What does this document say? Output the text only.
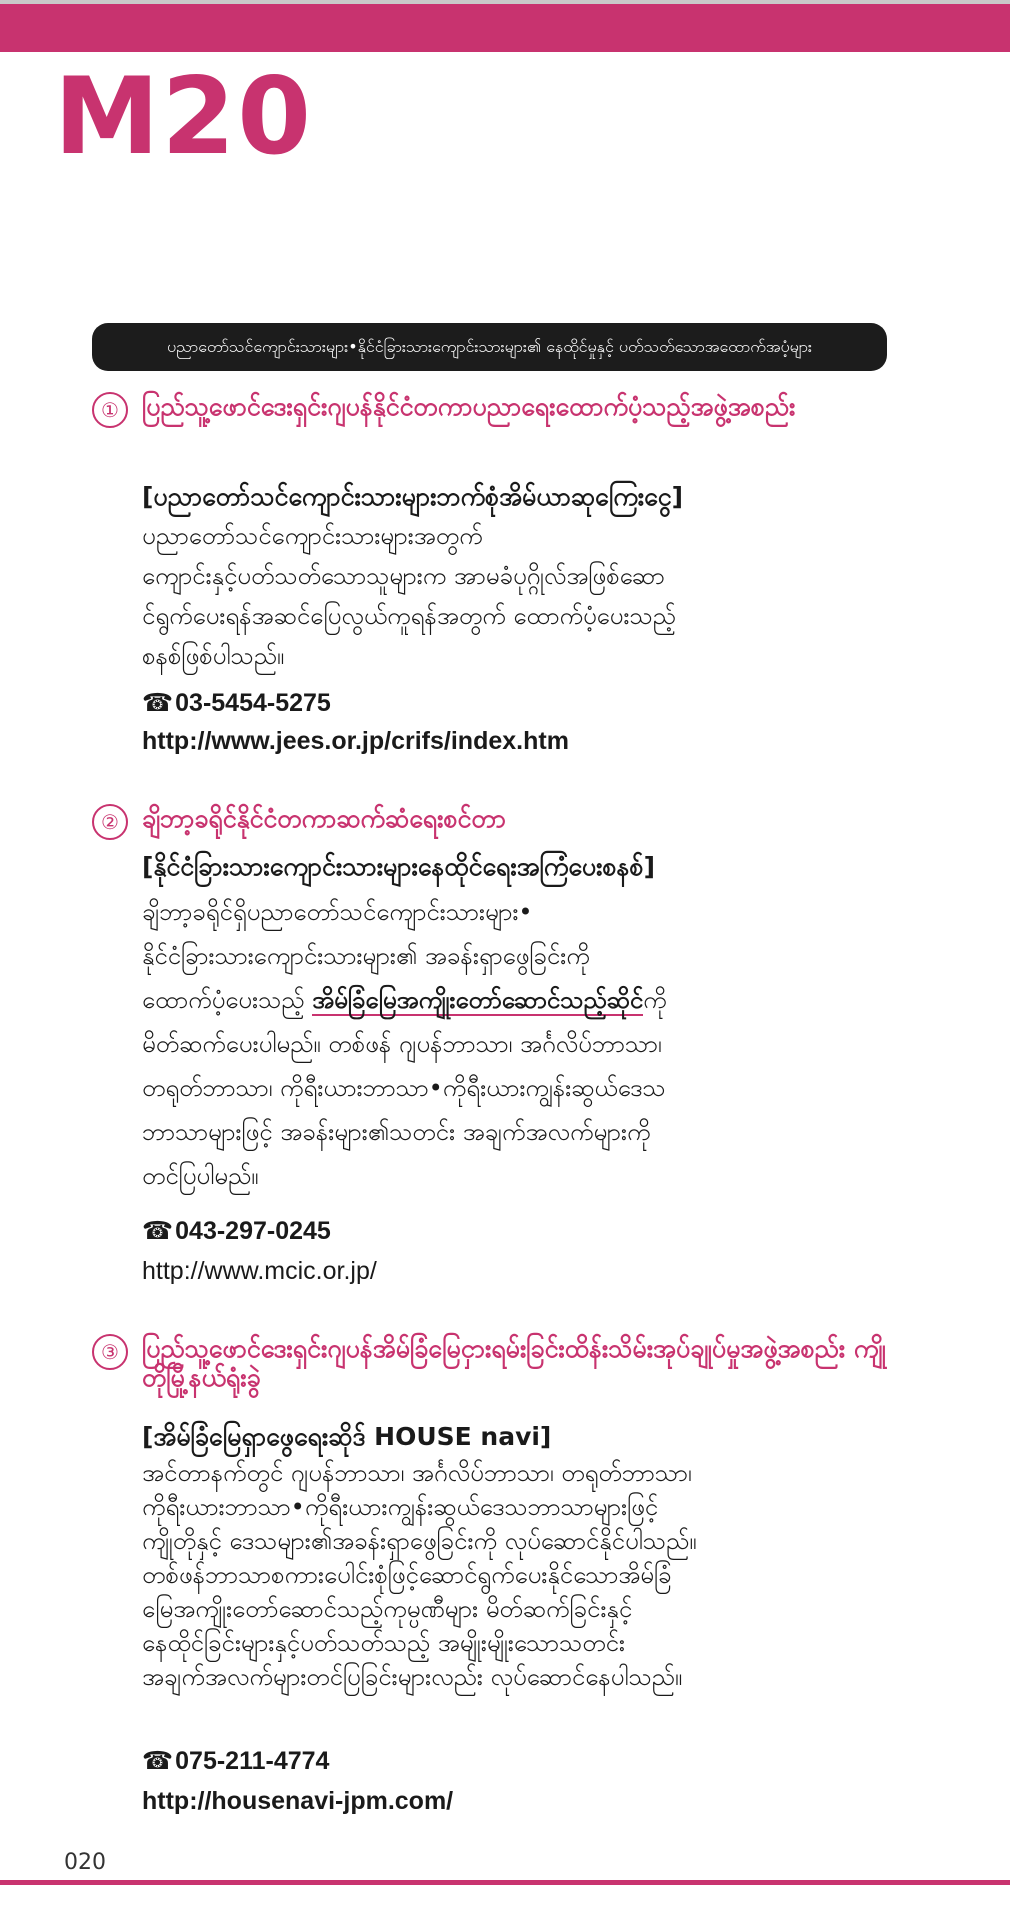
M20
ပညာတော်သင်ကျောင်းသားများ•နိုင်ငံခြားသားကျောင်းသားများ၏ နေထိုင်မှုနှင့် ပတ်သတ်သောအထောက်အပံ့များ
① ပြည်သူ့ဖောင်ဒေးရှင်းဂျပန်နိုင်ငံတကာပညာရေးထောက်ပံ့သည့်အဖွဲ့အစည်း
[ပညာတော်သင်ကျောင်းသားများဘက်စုံအိမ်ယာဆုကြေးငွေ]
ပညာတော်သင်ကျောင်းသားများအတွက်
ကျောင်းနှင့်ပတ်သတ်သောသူများက အာမခံပုဂ္ဂိုလ်အဖြစ်ဆော
င်ရွက်ပေးရန်အဆင်ပြေလွယ်ကူရန်အတွက် ထောက်ပံ့ပေးသည့်
စနစ်ဖြစ်ပါသည်။
☎03-5454-5275
http://www.jees.or.jp/crifs/index.htm
② ချိဘာ့ခရိုင်နိုင်ငံတကာဆက်ဆံရေးစင်တာ
[နိုင်ငံခြားသားကျောင်းသားများနေထိုင်ရေးအကြံပေးစနစ်]
ချိဘာ့ခရိုင်ရှိပညာတော်သင်ကျောင်းသားများ•
နိုင်ငံခြားသားကျောင်းသားများ၏ အခန်းရှာဖွေခြင်းကို
ထောက်ပံ့ပေးသည့် အိမ်ခြံမြေအကျိုးတော်ဆောင်သည့်ဆိုင်ကို
မိတ်ဆက်ပေးပါမည်။ တစ်ဖန် ဂျပန်ဘာသာ၊ အင်္ဂလိပ်ဘာသာ၊
တရုတ်ဘာသာ၊ ကိုရီးယားဘာသာ•ကိုရီးယားကျွန်းဆွယ်ဒေသ
ဘာသာများဖြင့် အခန်းများ၏သတင်း အချက်အလက်များကို
တင်ပြပါမည်။
☎043-297-0245
http://www.mcic.or.jp/
③ ပြည်သူ့ဖောင်ဒေးရှင်းဂျပန်အိမ်ခြံမြေငှားရမ်းခြင်းထိန်းသိမ်းအုပ်ချုပ်မှုအဖွဲ့အစည်း ကျိုတိုမြို့နယ်ရုံးခွဲ
[အိမ်ခြံမြေရှာဖွေရေးဆိုဒ် HOUSE navi]
အင်တာနက်တွင် ဂျပန်ဘာသာ၊ အင်္ဂလိပ်ဘာသာ၊ တရုတ်ဘာသာ၊
ကိုရီးယားဘာသာ•ကိုရီးယားကျွန်းဆွယ်ဒေသဘာသာများဖြင့်
ကျိုတိုနှင့် ဒေသများ၏အခန်းရှာဖွေခြင်းကို လုပ်ဆောင်နိုင်ပါသည်။
တစ်ဖန်ဘာသာစကားပေါင်းစုံဖြင့်ဆောင်ရွက်ပေးနိုင်သောအိမ်ခြံ
မြေအကျိုးတော်ဆောင်သည့်ကုမ္ပဏီများ မိတ်ဆက်ခြင်းနှင့်
နေထိုင်ခြင်းများနှင့်ပတ်သတ်သည့် အမျိုးမျိုးသောသတင်း
အချက်အလက်များတင်ပြခြင်းများလည်း လုပ်ဆောင်နေပါသည်။
☎075-211-4774
http://housenavi-jpm.com/
020
